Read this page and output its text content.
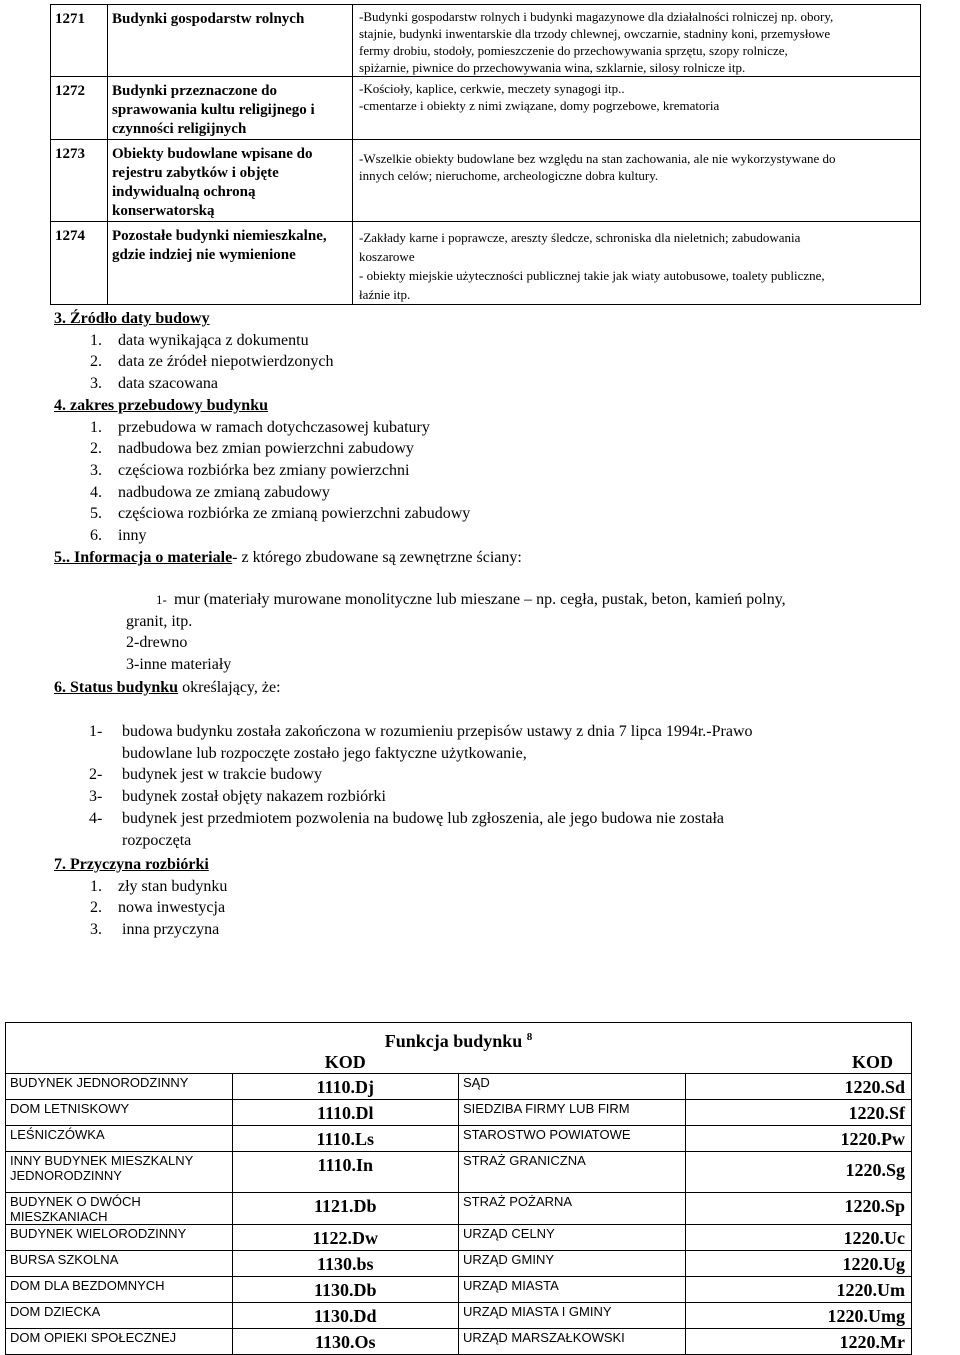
1271	Budynki gospodarstw rolnych	-Budynki gospodarstw rolnych i budynki magazynowe dla działalności rolniczej np. obory,
stajnie, budynki inwentarskie dla trzody chlewnej, owczarnie, stadniny koni, przemysłowe
fermy drobiu, stodoły, pomieszczenie do przechowywania sprzętu, szopy rolnicze,
spiżarnie, piwnice do przechowywania wina, szklarnie, silosy rolnicze itp.

1272	Budynki przeznaczone do sprawowania kultu religijnego i czynności religijnych	-Kościoły, kaplice, cerkwie, meczety synagogi itp..
-cmentarze i obiekty z nimi związane, domy pogrzebowe, krematoria

1273	Obiekty budowlane wpisane do rejestru zabytków i objęte indywidualną ochroną konserwatorską	-Wszelkie obiekty budowlane bez względu na stan zachowania, ale nie wykorzystywane do
innych celów; nieruchome, archeologiczne dobra kultury.

1274	Pozostałe budynki niemieszkalne, gdzie indziej nie wymienione	-Zakłady karne i poprawcze, areszty śledcze, schroniska dla nieletnich; zabudowania
koszarowe
- obiekty miejskie użyteczności publicznej takie jak wiaty autobusowe, toalety publiczne,
łaźnie itp.
3. Źródło daty budowy
1. data wynikająca z dokumentu
2. data ze źródeł niepotwierdzonych
3. data szacowana
4. zakres przebudowy budynku
1. przebudowa w ramach dotychczasowej kubatury
2. nadbudowa bez zmian powierzchni zabudowy
3. częściowa rozbiórka bez zmiany powierzchni
4. nadbudowa ze zmianą zabudowy
5. częściowa rozbiórka ze zmianą powierzchni zabudowy
6. inny
5.. Informacja o materiale- z którego zbudowane są zewnętrzne ściany:
1- mur (materiały murowane monolityczne lub mieszane – np. cegła, pustak, beton, kamień polny,
granit, itp.
2-drewno
3-inne materiały
6. Status budynku określający, że:
1- budowa budynku została zakończona w rozumieniu przepisów ustawy z dnia 7 lipca 1994r.-Prawo
budowlane lub rozpoczęte zostało jego faktyczne użytkowanie,
2- budynek jest w trakcie budowy
3- budynek został objęty nakazem rozbiórki
4- budynek jest przedmiotem pozwolenia na budowę lub zgłoszenia, ale jego budowa nie została
rozpoczęta
7. Przyczyna rozbiórki
1. zły stan budynku
2. nowa inwestycja
3. inna przyczyna
Funkcja budynku $^8$
	KOD		KOD
BUDYNEK JEDNORODZINNY	1110.Dj	SĄD	1220.Sd
DOM LETNISKOWY	1110.Dl	SIEDZIBA FIRMY LUB FIRM	1220.Sf
LEŚNICZÓWKA	1110.Ls	STAROSTWO POWIATOWE	1220.Pw
INNY BUDYNEK MIESZKALNY JEDNORODZINNY	1110.In	STRAŻ GRANICZNA	1220.Sg
BUDYNEK O DWÓCH MIESZKANIACH	1121.Db	STRAŻ POŻARNA	1220.Sp
BUDYNEK WIELORODZINNY	1122.Dw	URZĄD CELNY	1220.Uc
BURSA SZKOLNA	1130.bs	URZĄD GMINY	1220.Ug
DOM DLA BEZDOMNYCH	1130.Db	URZĄD MIASTA	1220.Um
DOM DZIECKA	1130.Dd	URZĄD MIASTA I GMINY	1220.Umg
DOM OPIEKI SPOŁECZNEJ	1130.Os	URZĄD MARSZAŁKOWSKI	1220.Mr
